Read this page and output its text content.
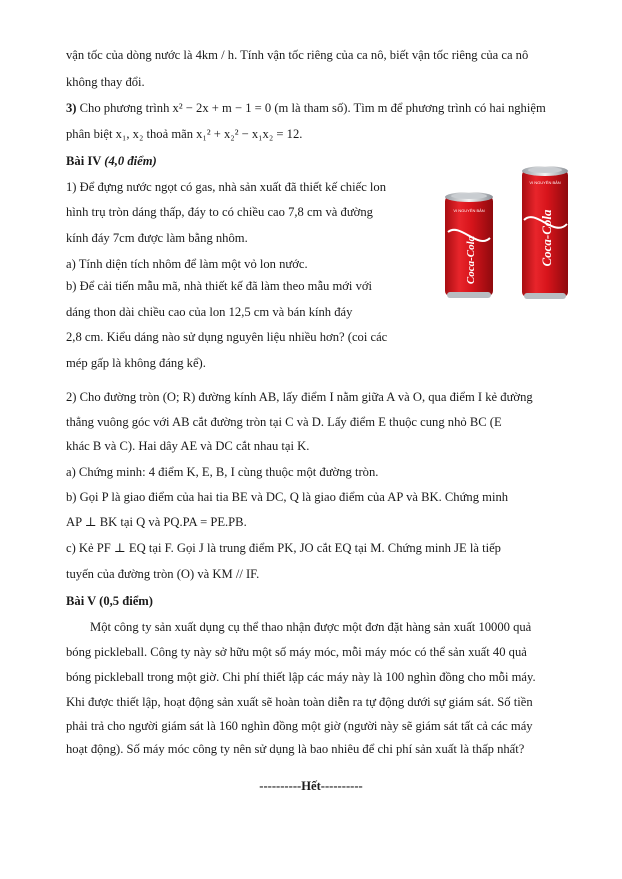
vận tốc của dòng nước là 4km / h. Tính vận tốc riêng của ca nô, biết vận tốc riêng của ca nô
không thay đổi.
3) Cho phương trình x² − 2x + m − 1 = 0 (m là tham số). Tìm m để phương trình có hai nghiệm
phân biệt x₁, x₂ thoả mãn x₁² + x₂² − x₁x₂ = 12.
Bài IV (4,0 điểm)
1) Để đựng nước ngọt có gas, nhà sản xuất đã thiết kế chiếc lon
hình trụ tròn dáng thấp, đáy to có chiều cao 7,8 cm và đường
kính đáy 7cm được làm bằng nhôm.
a) Tính diện tích nhôm để làm một vỏ lon nước.
b) Để cải tiến mẫu mã, nhà thiết kế đã làm theo mẫu mới với
dáng thon dài chiều cao của lon 12,5 cm và bán kính đáy
2,8 cm. Kiểu dáng nào sử dụng nguyên liệu nhiều hơn? (coi các
mép gấp là không đáng kể).
VI NGUYÊN BẢN
Coca-Cola
VI NGUYÊN BẢN
Coca-Cola
2) Cho đường tròn (O; R) đường kính AB, lấy điểm I nằm giữa A và O, qua điểm I kẻ đường
thẳng vuông góc với AB cắt đường tròn tại C và D. Lấy điểm E thuộc cung nhỏ BC (E
khác B và C). Hai dây AE và DC cắt nhau tại K.
a) Chứng minh: 4 điểm K, E, B, I cùng thuộc một đường tròn.
b) Gọi P là giao điểm của hai tia BE và DC, Q là giao điểm của AP và BK. Chứng minh
AP ⊥ BK tại Q và PQ.PA = PE.PB.
c) Kẻ PF ⊥ EQ tại F. Gọi J là trung điểm PK, JO cắt EQ tại M. Chứng minh JE là tiếp
tuyến của đường tròn (O) và KM // IF.
Bài V (0,5 điểm)
Một công ty sản xuất dụng cụ thể thao nhận được một đơn đặt hàng sản xuất 10000 quả
bóng pickleball. Công ty này sở hữu một số máy móc, mỗi máy móc có thể sản xuất 40 quả
bóng pickleball trong một giờ. Chi phí thiết lập các máy này là 100 nghìn đồng cho mỗi máy.
Khi được thiết lập, hoạt động sản xuất sẽ hoàn toàn diễn ra tự động dưới sự giám sát. Số tiền
phải trả cho người giám sát là 160 nghìn đồng một giờ (người này sẽ giám sát tất cả các máy
hoạt động). Số máy móc công ty nên sử dụng là bao nhiêu để chi phí sản xuất là thấp nhất?
----------Hết----------
